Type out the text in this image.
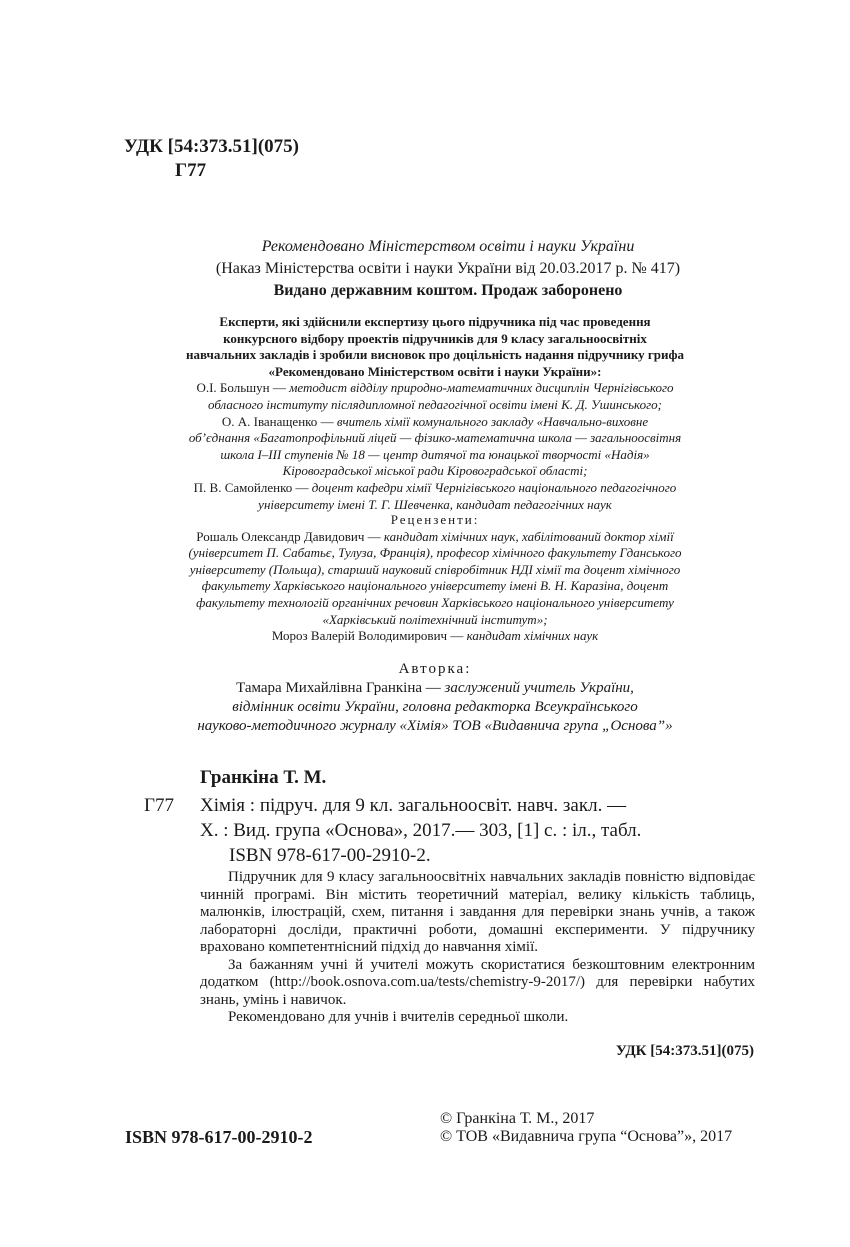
УДК [54:373.51](075)
Г77
Рекомендовано Міністерством освіти і науки України
(Наказ Міністерства освіти і науки України від 20.03.2017 р. № 417)
Видано державним коштом. Продаж заборонено
Експерти, які здійснили експертизу цього підручника під час проведення
конкурсного відбору проектів підручників для 9 класу загальноосвітніх
навчальних закладів і зробили висновок про доцільність надання підручнику грифа
«Рекомендовано Міністерством освіти і науки України»:
О.І. Большун — методист відділу природно-математичних дисциплін Чернігівського
обласного інституту післядипломної педагогічної освіти імені К. Д. Ушинського;
О. А. Іванащенко — вчитель хімії комунального закладу «Навчально-виховне
об’єднання «Багатопрофільний ліцей — фізико-математична школа — загальноосвітня
школа І–ІІІ ступенів № 18 — центр дитячої та юнацької творчості «Надія»
Кіровоградської міської ради Кіровоградської області;
П. В. Самойленко — доцент кафедри хімії Чернігівського національного педагогічного
університету імені Т. Г. Шевченка, кандидат педагогічних наук
Рецензенти:
Рошаль Олександр Давидович — кандидат хімічних наук, хабілітований доктор хімії
(університет П. Сабатьє, Тулуза, Франція), професор хімічного факультету Гданського
університету (Польща), старший науковий співробітник НДІ хімії та доцент хімічного
факультету Харківського національного університету імені В. Н. Каразіна, доцент
факультету технологій органічних речовин Харківського національного університету
«Харківський політехнічний інститут»;
Мороз Валерій Володимирович — кандидат хімічних наук
Авторка:
Тамара Михайлівна Гранкіна — заслужений учитель України,
відмінник освіти України, головна редакторка Всеукраїнського
науково-методичного журналу «Хімія» ТОВ «Видавнича група „Основа”»
Гранкіна Т. М.
Г77 Хімія : підруч. для 9 кл. загальноосвіт. навч. закл. —
Х. : Вид. група «Основа», 2017.— 303, [1] с. : іл., табл.
ISBN 978-617-00-2910-2.

Підручник для 9 класу загальноосвітніх навчальних закладів повністю відповідає чинній програмі. Він містить теоретичний матеріал, велику кількість таблиць, малюнків, ілюстрацій, схем, питання і завдання для перевірки знань учнів, а також лабораторні досліди, практичні роботи, домашні експерименти. У підручнику враховано компетентнісний підхід до навчання хімії.

За бажанням учні й учителі можуть скористатися безкоштовним електронним додатком (http://book.osnova.com.ua/tests/chemistry-9-2017/) для перевірки набутих знань, умінь і навичок.

Рекомендовано для учнів і вчителів середньої школи.

УДК [54:373.51](075)
ISBN 978-617-00-2910-2
© Гранкіна Т. М., 2017
© ТОВ «Видавнича група “Основа”», 2017
